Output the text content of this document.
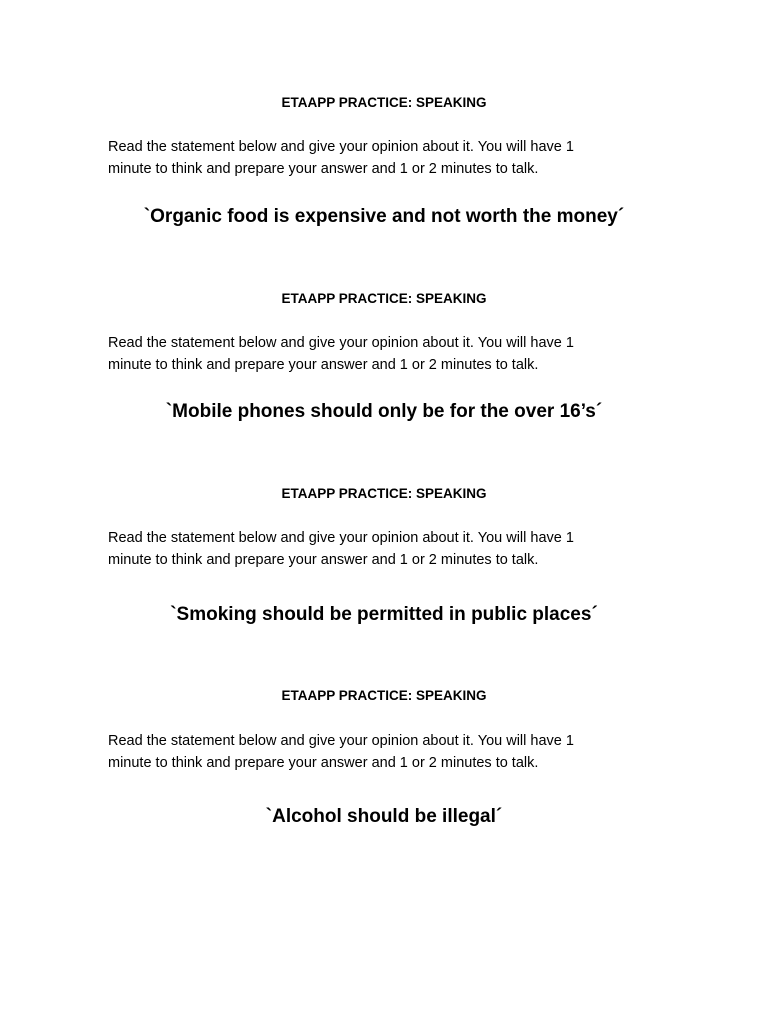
ETAAPP PRACTICE: SPEAKING
Read the statement below and give your opinion about it. You will have 1
minute to think and prepare your answer and 1 or 2 minutes to talk.
`Organic food is expensive and not worth the money´
ETAAPP PRACTICE: SPEAKING
Read the statement below and give your opinion about it. You will have 1
minute to think and prepare your answer and 1 or 2 minutes to talk.
`Mobile phones should only be for the over 16’s´
ETAAPP PRACTICE: SPEAKING
Read the statement below and give your opinion about it. You will have 1
minute to think and prepare your answer and 1 or 2 minutes to talk.
`Smoking should be permitted in public places´
ETAAPP PRACTICE: SPEAKING
Read the statement below and give your opinion about it. You will have 1
minute to think and prepare your answer and 1 or 2 minutes to talk.
`Alcohol should be illegal´
